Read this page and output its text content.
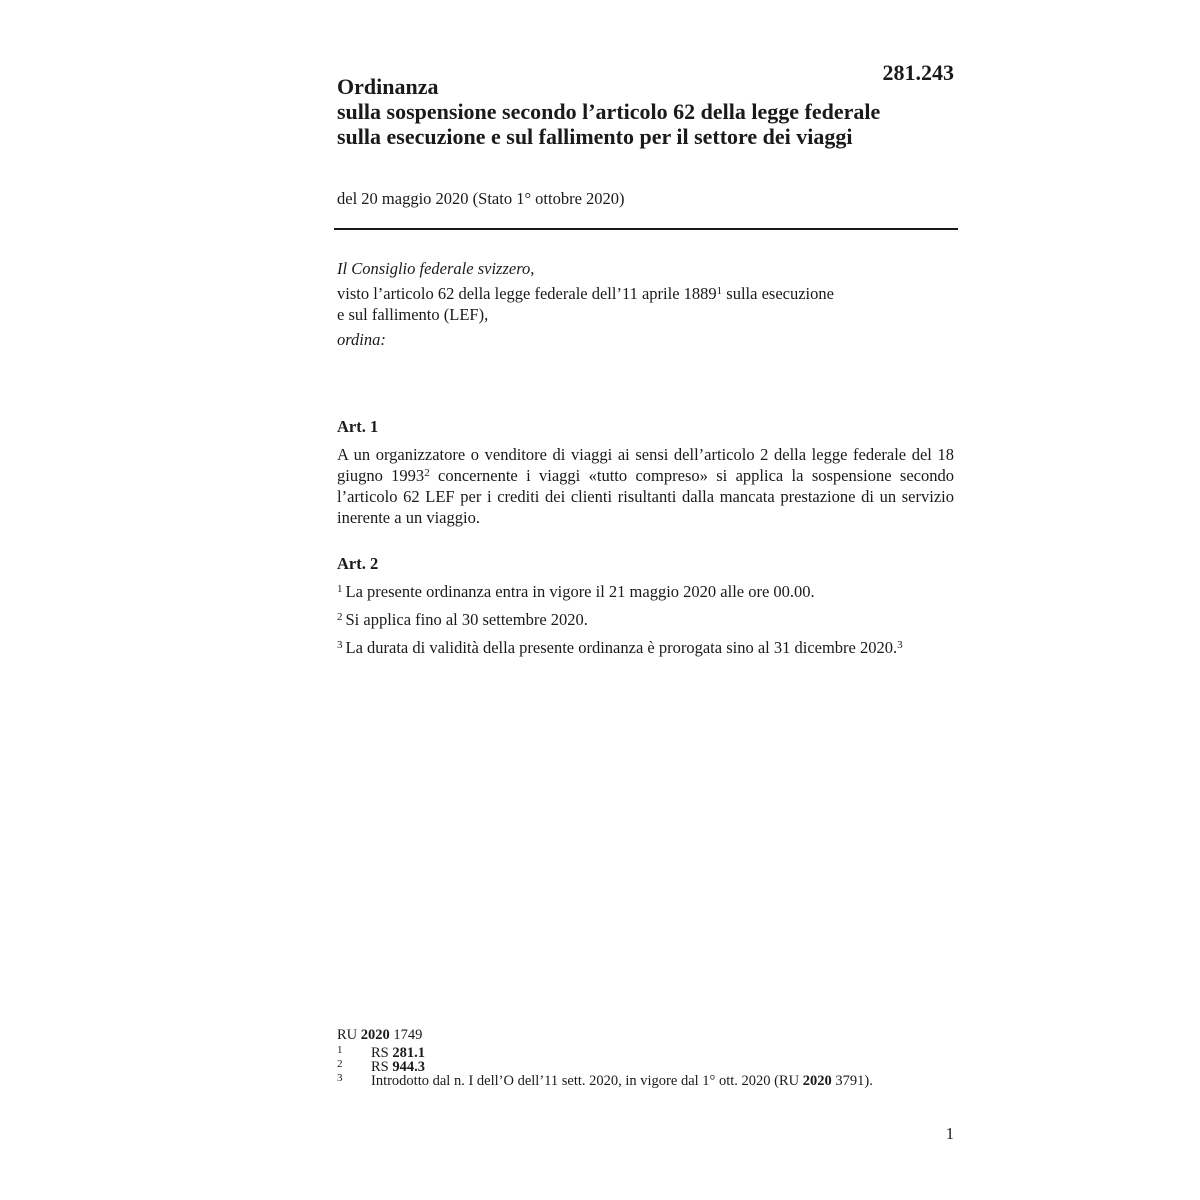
281.243
Ordinanza
sulla sospensione secondo l’articolo 62 della legge federale
sulla esecuzione e sul fallimento per il settore dei viaggi
del 20 maggio 2020 (Stato 1° ottobre 2020)
Il Consiglio federale svizzero,
visto l’articolo 62 della legge federale dell’11 aprile 1889$^1$ sulla esecuzione
e sul fallimento (LEF),
ordina:
Art. 1
A un organizzatore o venditore di viaggi ai sensi dell’articolo 2 della legge federale del 18 giugno 1993$^2$ concernente i viaggi «tutto compreso» si applica la sospensione secondo l’articolo 62 LEF per i crediti dei clienti risultanti dalla mancata prestazione di un servizio inerente a un viaggio.
Art. 2
$^1$ La presente ordinanza entra in vigore il 21 maggio 2020 alle ore 00.00.
$^2$ Si applica fino al 30 settembre 2020.
$^3$ La durata di validità della presente ordinanza è prorogata sino al 31 dicembre 2020.$^3$
RU 2020 1749
1 RS 281.1
2 RS 944.3
3 Introdotto dal n. I dell’O dell’11 sett. 2020, in vigore dal 1° ott. 2020 (RU 2020 3791).
1
